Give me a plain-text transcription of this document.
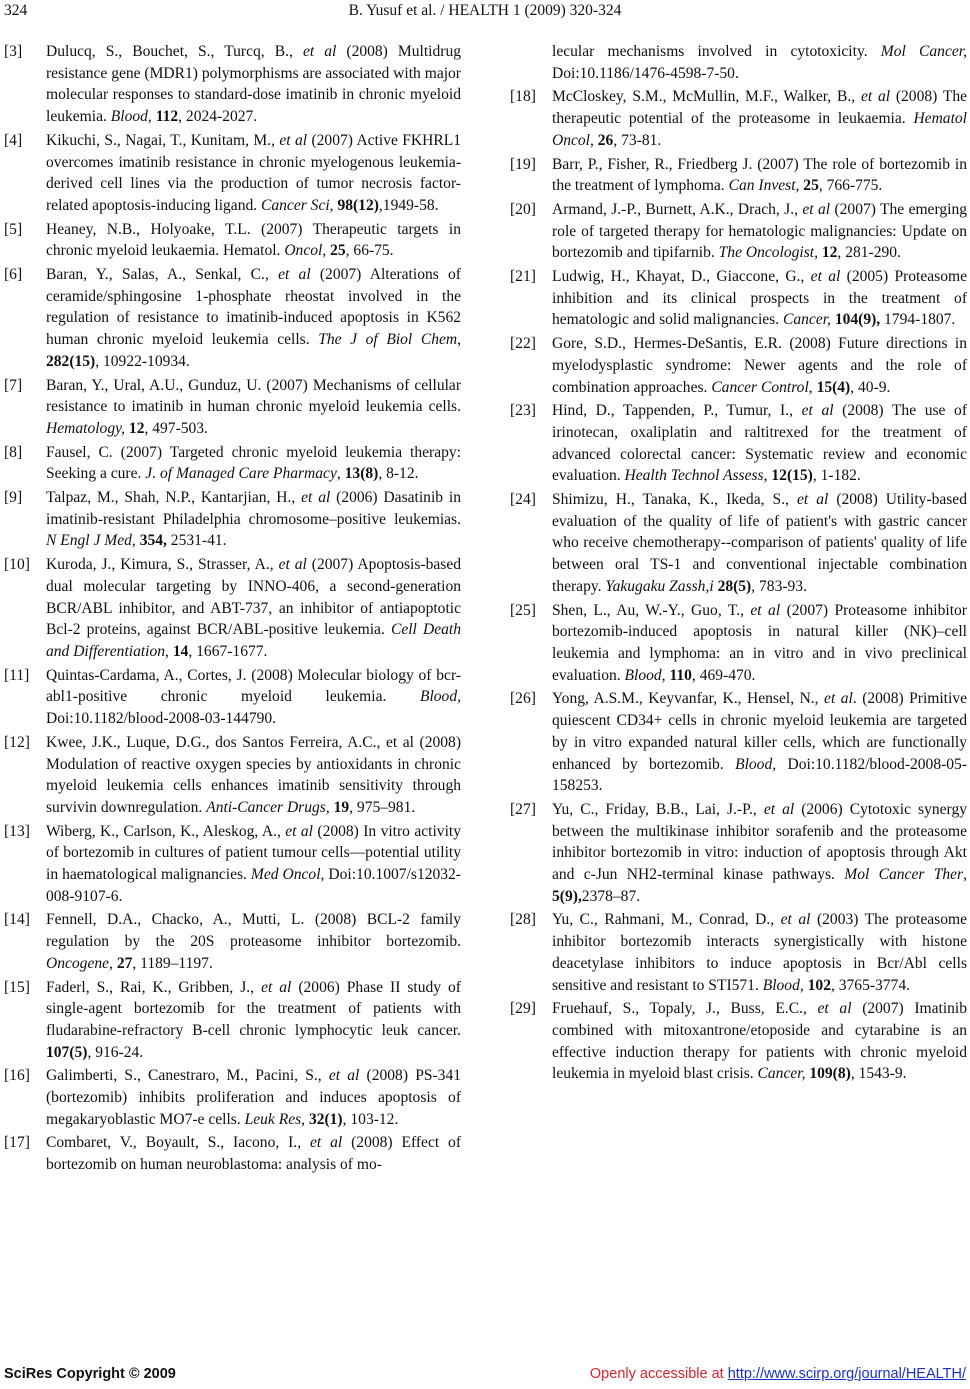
324	B. Yusuf et al. / HEALTH 1 (2009) 320-324
[3]	Dulucq, S., Bouchet, S., Turcq, B., et al (2008) Multidrug resistance gene (MDR1) polymorphisms are associated with major molecular responses to standard-dose imatinib in chronic myeloid leukemia. Blood, 112, 2024-2027.
[4]	Kikuchi, S., Nagai, T., Kunitam, M., et al (2007) Active FKHRL1 overcomes imatinib resistance in chronic myelogenous leukemia-derived cell lines via the production of tumor necrosis factor-related apoptosis-inducing ligand. Cancer Sci, 98(12),1949-58.
[5]	Heaney, N.B., Holyoake, T.L. (2007) Therapeutic targets in chronic myeloid leukaemia. Hematol. Oncol, 25, 66-75.
[6]	Baran, Y., Salas, A., Senkal, C., et al (2007) Alterations of ceramide/sphingosine 1-phosphate rheostat involved in the regulation of resistance to imatinib-induced apoptosis in K562 human chronic myeloid leukemia cells. The J of Biol Chem, 282(15), 10922-10934.
[7]	Baran, Y., Ural, A.U., Gunduz, U. (2007) Mechanisms of cellular resistance to imatinib in human chronic myeloid leukemia cells. Hematology, 12, 497-503.
[8]	Fausel, C. (2007) Targeted chronic myeloid leukemia therapy: Seeking a cure. J. of Managed Care Pharmacy, 13(8), 8-12.
[9]	Talpaz, M., Shah, N.P., Kantarjian, H., et al (2006) Dasatinib in imatinib-resistant Philadelphia chromosome–positive leukemias. N Engl J Med, 354, 2531-41.
[10]	Kuroda, J., Kimura, S., Strasser, A., et al (2007) Apoptosis-based dual molecular targeting by INNO-406, a second-generation BCR/ABL inhibitor, and ABT-737, an inhibitor of antiapoptotic Bcl-2 proteins, against BCR/ABL-positive leukemia. Cell Death and Differentiation, 14, 1667-1677.
[11]	Quintas-Cardama, A., Cortes, J. (2008) Molecular biology of bcr-abl1-positive chronic myeloid leukemia. Blood, Doi:10.1182/blood-2008-03-144790.
[12]	Kwee, J.K., Luque, D.G., dos Santos Ferreira, A.C., et al (2008) Modulation of reactive oxygen species by antioxidants in chronic myeloid leukemia cells enhances imatinib sensitivity through survivin downregulation. Anti-Cancer Drugs, 19, 975–981.
[13]	Wiberg, K., Carlson, K., Aleskog, A., et al (2008) In vitro activity of bortezomib in cultures of patient tumour cells—potential utility in haematological malignancies. Med Oncol, Doi:10.1007/s12032-008-9107-6.
[14]	Fennell, D.A., Chacko, A., Mutti, L. (2008) BCL-2 family regulation by the 20S proteasome inhibitor bortezomib. Oncogene, 27, 1189–1197.
[15]	Faderl, S., Rai, K., Gribben, J., et al (2006) Phase II study of single-agent bortezomib for the treatment of patients with fludarabine-refractory B-cell chronic lymphocytic leuk cancer. 107(5), 916-24.
[16]	Galimberti, S., Canestraro, M., Pacini, S., et al (2008) PS-341 (bortezomib) inhibits proliferation and induces apoptosis of megakaryoblastic MO7-e cells. Leuk Res, 32(1), 103-12.
[17]	Combaret, V., Boyault, S., Iacono, I., et al (2008) Effect of bortezomib on human neuroblastoma: analysis of mo-
lecular mechanisms involved in cytotoxicity. Mol Cancer, Doi:10.1186/1476-4598-7-50.
[18]	McCloskey, S.M., McMullin, M.F., Walker, B., et al (2008) The therapeutic potential of the proteasome in leukaemia. Hematol Oncol, 26, 73-81.
[19]	Barr, P., Fisher, R., Friedberg J. (2007) The role of bortezomib in the treatment of lymphoma. Can Invest, 25, 766-775.
[20]	Armand, J.-P., Burnett, A.K., Drach, J., et al (2007) The emerging role of targeted therapy for hematologic malignancies: Update on bortezomib and tipifarnib. The Oncologist, 12, 281-290.
[21]	Ludwig, H., Khayat, D., Giaccone, G., et al (2005) Proteasome inhibition and its clinical prospects in the treatment of hematologic and solid malignancies. Cancer, 104(9), 1794-1807.
[22]	Gore, S.D., Hermes-DeSantis, E.R. (2008) Future directions in myelodysplastic syndrome: Newer agents and the role of combination approaches. Cancer Control, 15(4), 40-9.
[23]	Hind, D., Tappenden, P., Tumur, I., et al (2008) The use of irinotecan, oxaliplatin and raltitrexed for the treatment of advanced colorectal cancer: Systematic review and economic evaluation. Health Technol Assess, 12(15), 1-182.
[24]	Shimizu, H., Tanaka, K., Ikeda, S., et al (2008) Utility-based evaluation of the quality of life of patient's with gastric cancer who receive chemotherapy--comparison of patients' quality of life between oral TS-1 and conventional injectable combination therapy. Yakugaku Zassh,i 28(5), 783-93.
[25]	Shen, L., Au, W.-Y., Guo, T., et al (2007) Proteasome inhibitor bortezomib-induced apoptosis in natural killer (NK)–cell leukemia and lymphoma: an in vitro and in vivo preclinical evaluation. Blood, 110, 469-470.
[26]	Yong, A.S.M., Keyvanfar, K., Hensel, N., et al. (2008) Primitive quiescent CD34+ cells in chronic myeloid leukemia are targeted by in vitro expanded natural killer cells, which are functionally enhanced by bortezomib. Blood, Doi:10.1182/blood-2008-05-158253.
[27]	Yu, C., Friday, B.B., Lai, J.-P., et al (2006) Cytotoxic synergy between the multikinase inhibitor sorafenib and the proteasome inhibitor bortezomib in vitro: induction of apoptosis through Akt and c-Jun NH2-terminal kinase pathways. Mol Cancer Ther, 5(9),2378–87.
[28]	Yu, C., Rahmani, M., Conrad, D., et al (2003) The proteasome inhibitor bortezomib interacts synergistically with histone deacetylase inhibitors to induce apoptosis in Bcr/Abl cells sensitive and resistant to STI571. Blood, 102, 3765-3774.
[29]	Fruehauf, S., Topaly, J., Buss, E.C., et al (2007) Imatinib combined with mitoxantrone/etoposide and cytarabine is an effective induction therapy for patients with chronic myeloid leukemia in myeloid blast crisis. Cancer, 109(8), 1543-9.
SciRes Copyright © 2009	Openly accessible at http://www.scirp.org/journal/HEALTH/
